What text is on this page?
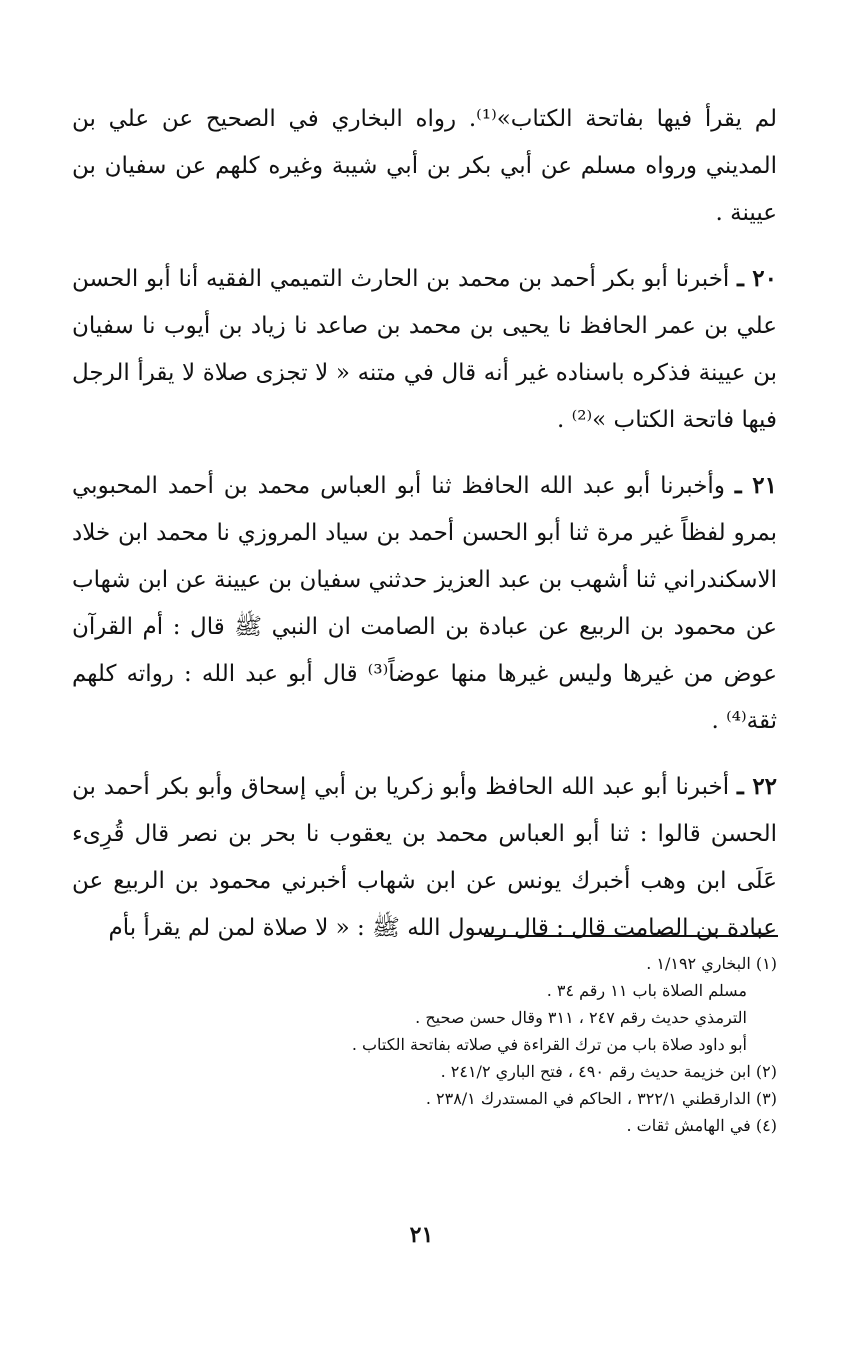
لم يقرأ فيها بفاتحة الكتاب»⁽¹⁾. رواه البخاري في الصحيح عن علي بن المديني ورواه مسلم عن أبي بكر بن أبي شيبة وغيره كلهم عن سفيان بن عيينة .

٢٠ ـ أخبرنا أبو بكر أحمد بن محمد بن الحارث التميمي الفقيه أنا أبو الحسن علي بن عمر الحافظ نا يحيى بن محمد بن صاعد نا زياد بن أيوب نا سفيان بن عيينة فذكره باسناده غير أنه قال في متنه « لا تجزى صلاة لا يقرأ الرجل فيها فاتحة الكتاب »⁽²⁾ .

٢١ ـ وأخبرنا أبو عبد الله الحافظ ثنا أبو العباس محمد بن أحمد المحبوبي بمرو لفظاً غير مرة ثنا أبو الحسن أحمد بن سياد المروزي نا محمد ابن خلاد الاسكندراني ثنا أشهب بن عبد العزيز حدثني سفيان بن عيينة عن ابن شهاب عن محمود بن الربيع عن عبادة بن الصامت ان النبي ﷺ قال : أم القرآن عوض من غيرها وليس غيرها منها عوضاً⁽³⁾ قال أبو عبد الله : رواته كلهم ثقة⁽⁴⁾ .

٢٢ ـ أخبرنا أبو عبد الله الحافظ وأبو زكريا بن أبي إسحاق وأبو بكر أحمد بن الحسن قالوا : ثنا أبو العباس محمد بن يعقوب نا بحر بن نصر قال قُرِىء عَلَى ابن وهب أخبرك يونس عن ابن شهاب أخبرني محمود بن الربيع عن عبادة بن الصامت قال : قال رسول الله ﷺ : « لا صلاة لمن لم يقرأ بأم

(١) البخاري ١/١٩٢ .

مسلم الصلاة باب ١١ رقم ٣٤ .

الترمذي حديث رقم ٢٤٧ ، ٣١١ وقال حسن صحيح .

أبو داود صلاة باب من ترك القراءة في صلاته بفاتحة الكتاب .

(٢) ابن خزيمة حديث رقم ٤٩٠ ، فتح الباري ٢٤١/٢ .

(٣) الدارقطني ٣٢٢/١ ، الحاكم في المستدرك ٢٣٨/١ .

(٤) في الهامش ثقات .

٢١
